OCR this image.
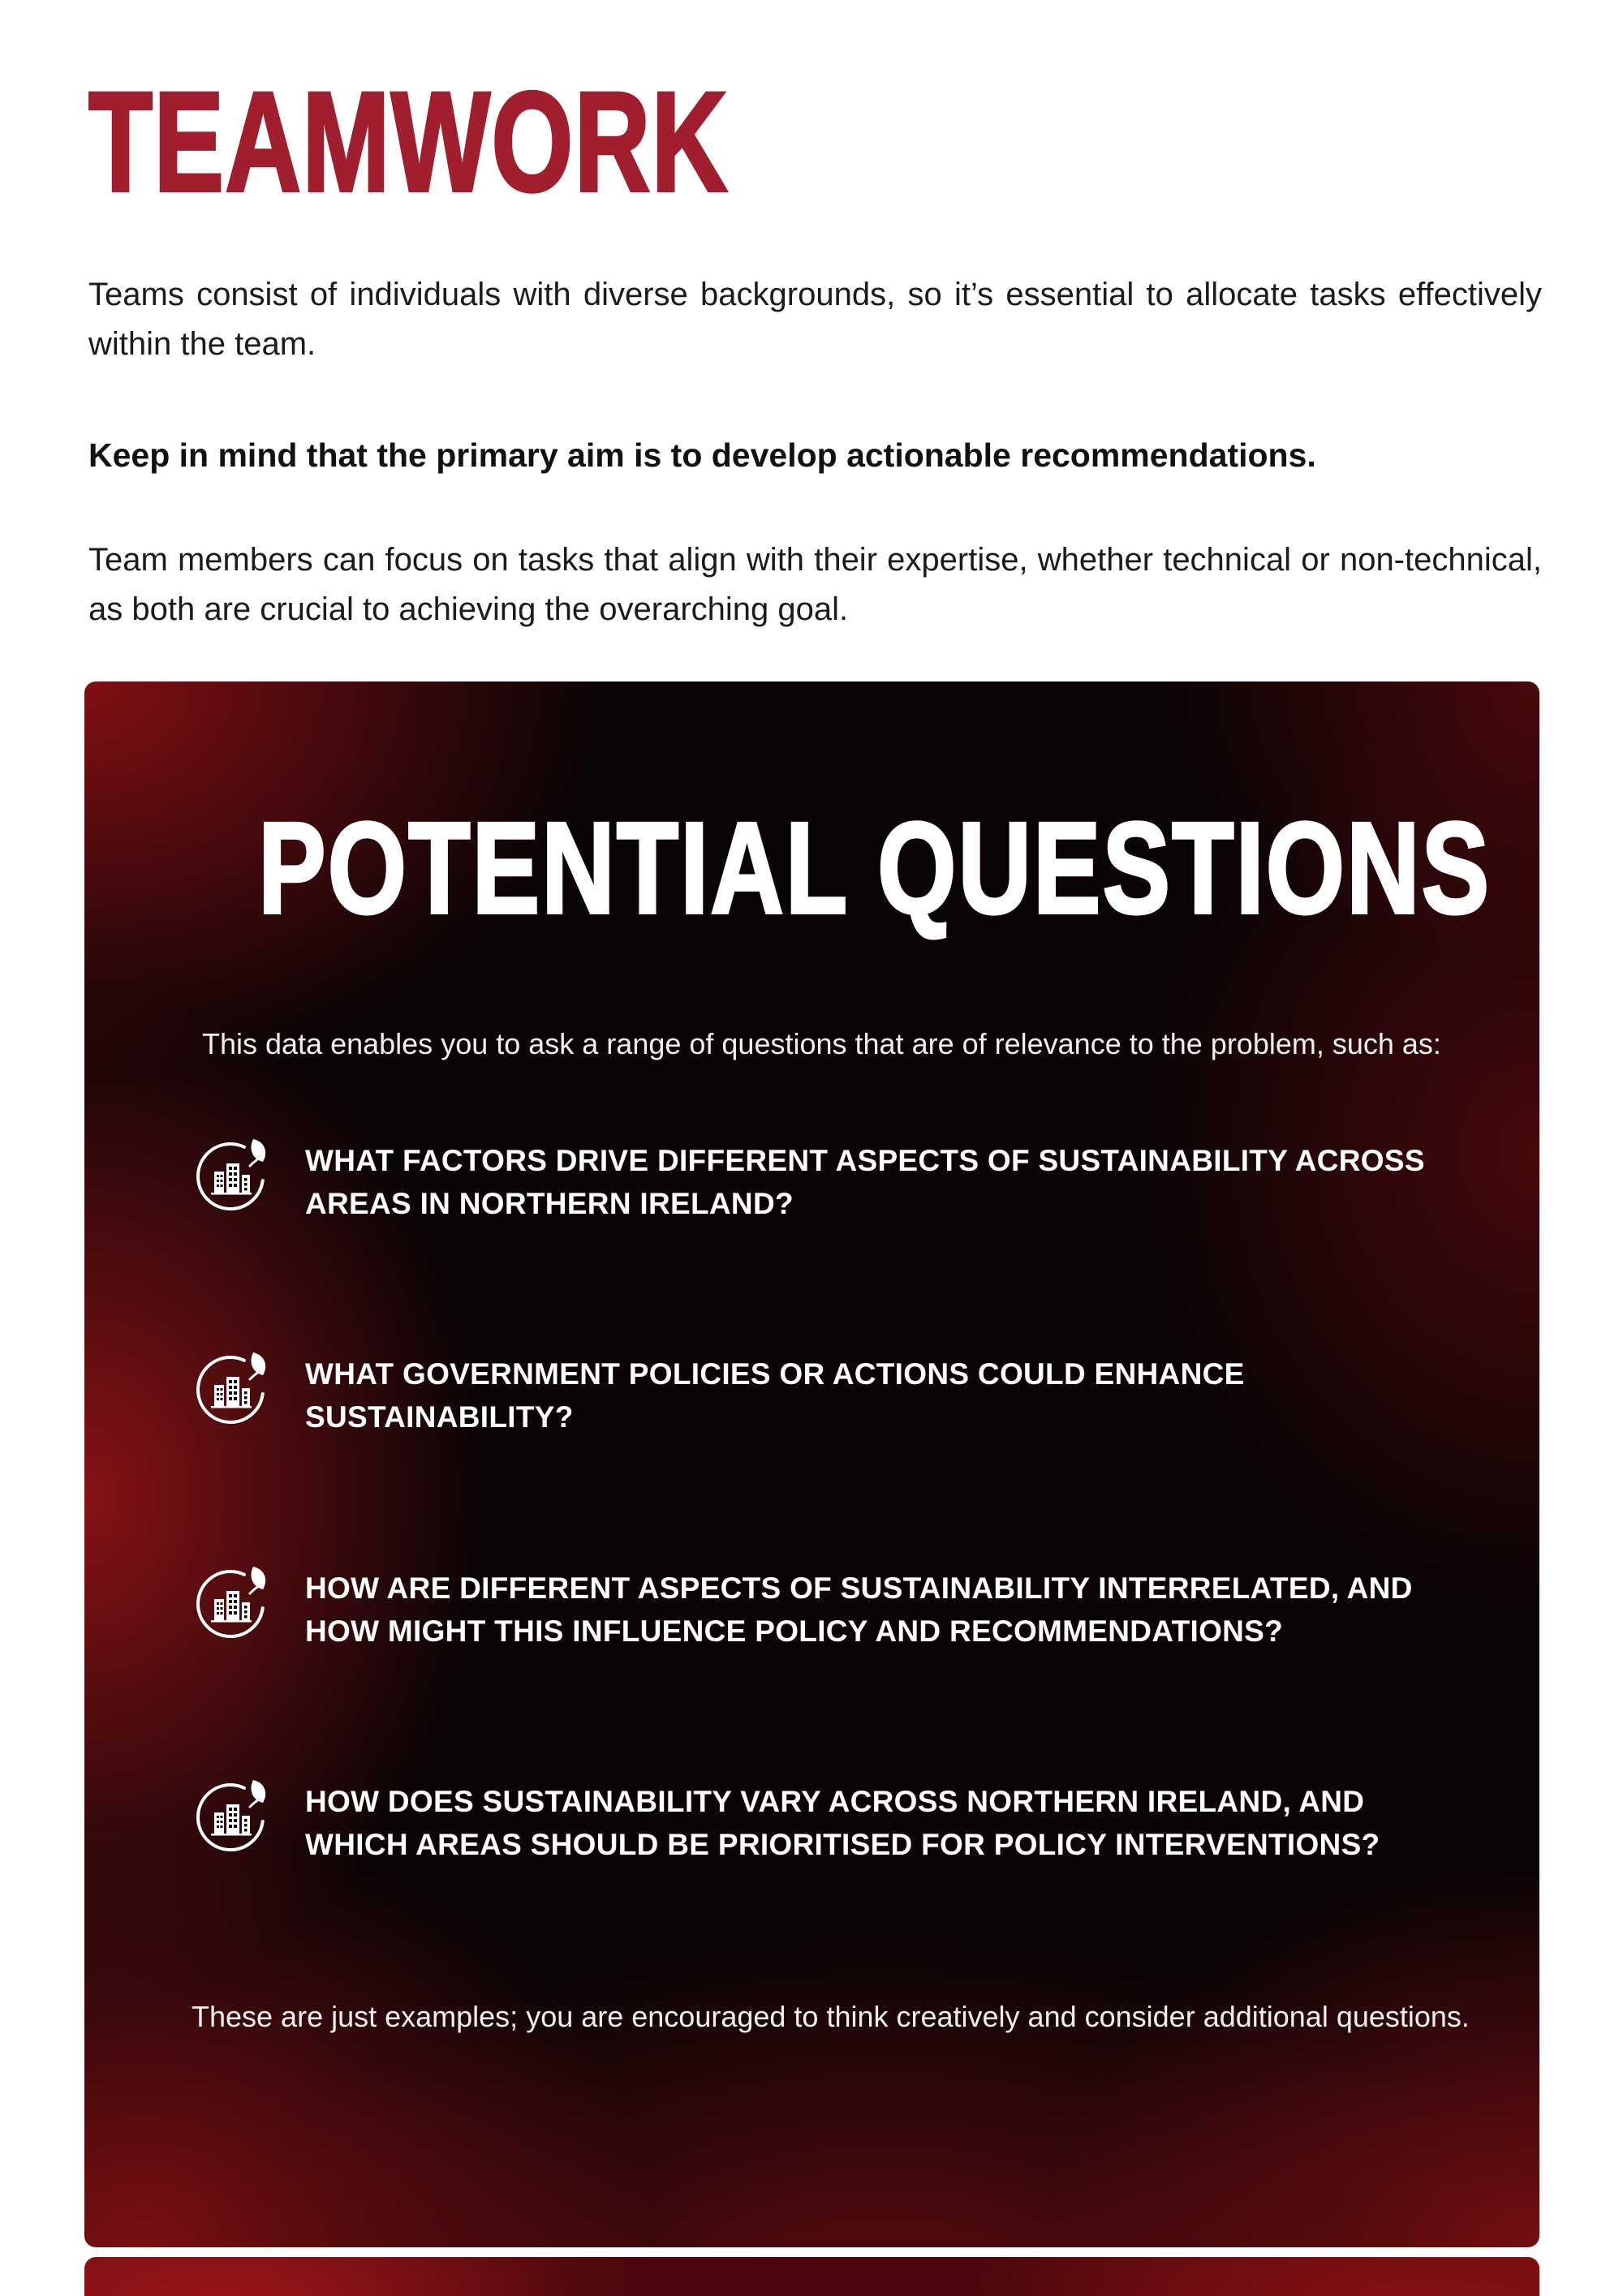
TEAMWORK

Teams consist of individuals with diverse backgrounds, so it’s essential to allocate tasks effectively within the team.

Keep in mind that the primary aim is to develop actionable recommendations.

Team members can focus on tasks that align with their expertise, whether technical or non-technical, as both are crucial to achieving the overarching goal.

POTENTIAL QUESTIONS

This data enables you to ask a range of questions that are of relevance to the problem, such as:

WHAT FACTORS DRIVE DIFFERENT ASPECTS OF SUSTAINABILITY ACROSS AREAS IN NORTHERN IRELAND?

WHAT GOVERNMENT POLICIES OR ACTIONS COULD ENHANCE SUSTAINABILITY?

HOW ARE DIFFERENT ASPECTS OF SUSTAINABILITY INTERRELATED, AND HOW MIGHT THIS INFLUENCE POLICY AND RECOMMENDATIONS?

HOW DOES SUSTAINABILITY VARY ACROSS NORTHERN IRELAND, AND WHICH AREAS SHOULD BE PRIORITISED FOR POLICY INTERVENTIONS?

These are just examples; you are encouraged to think creatively and consider additional questions.
